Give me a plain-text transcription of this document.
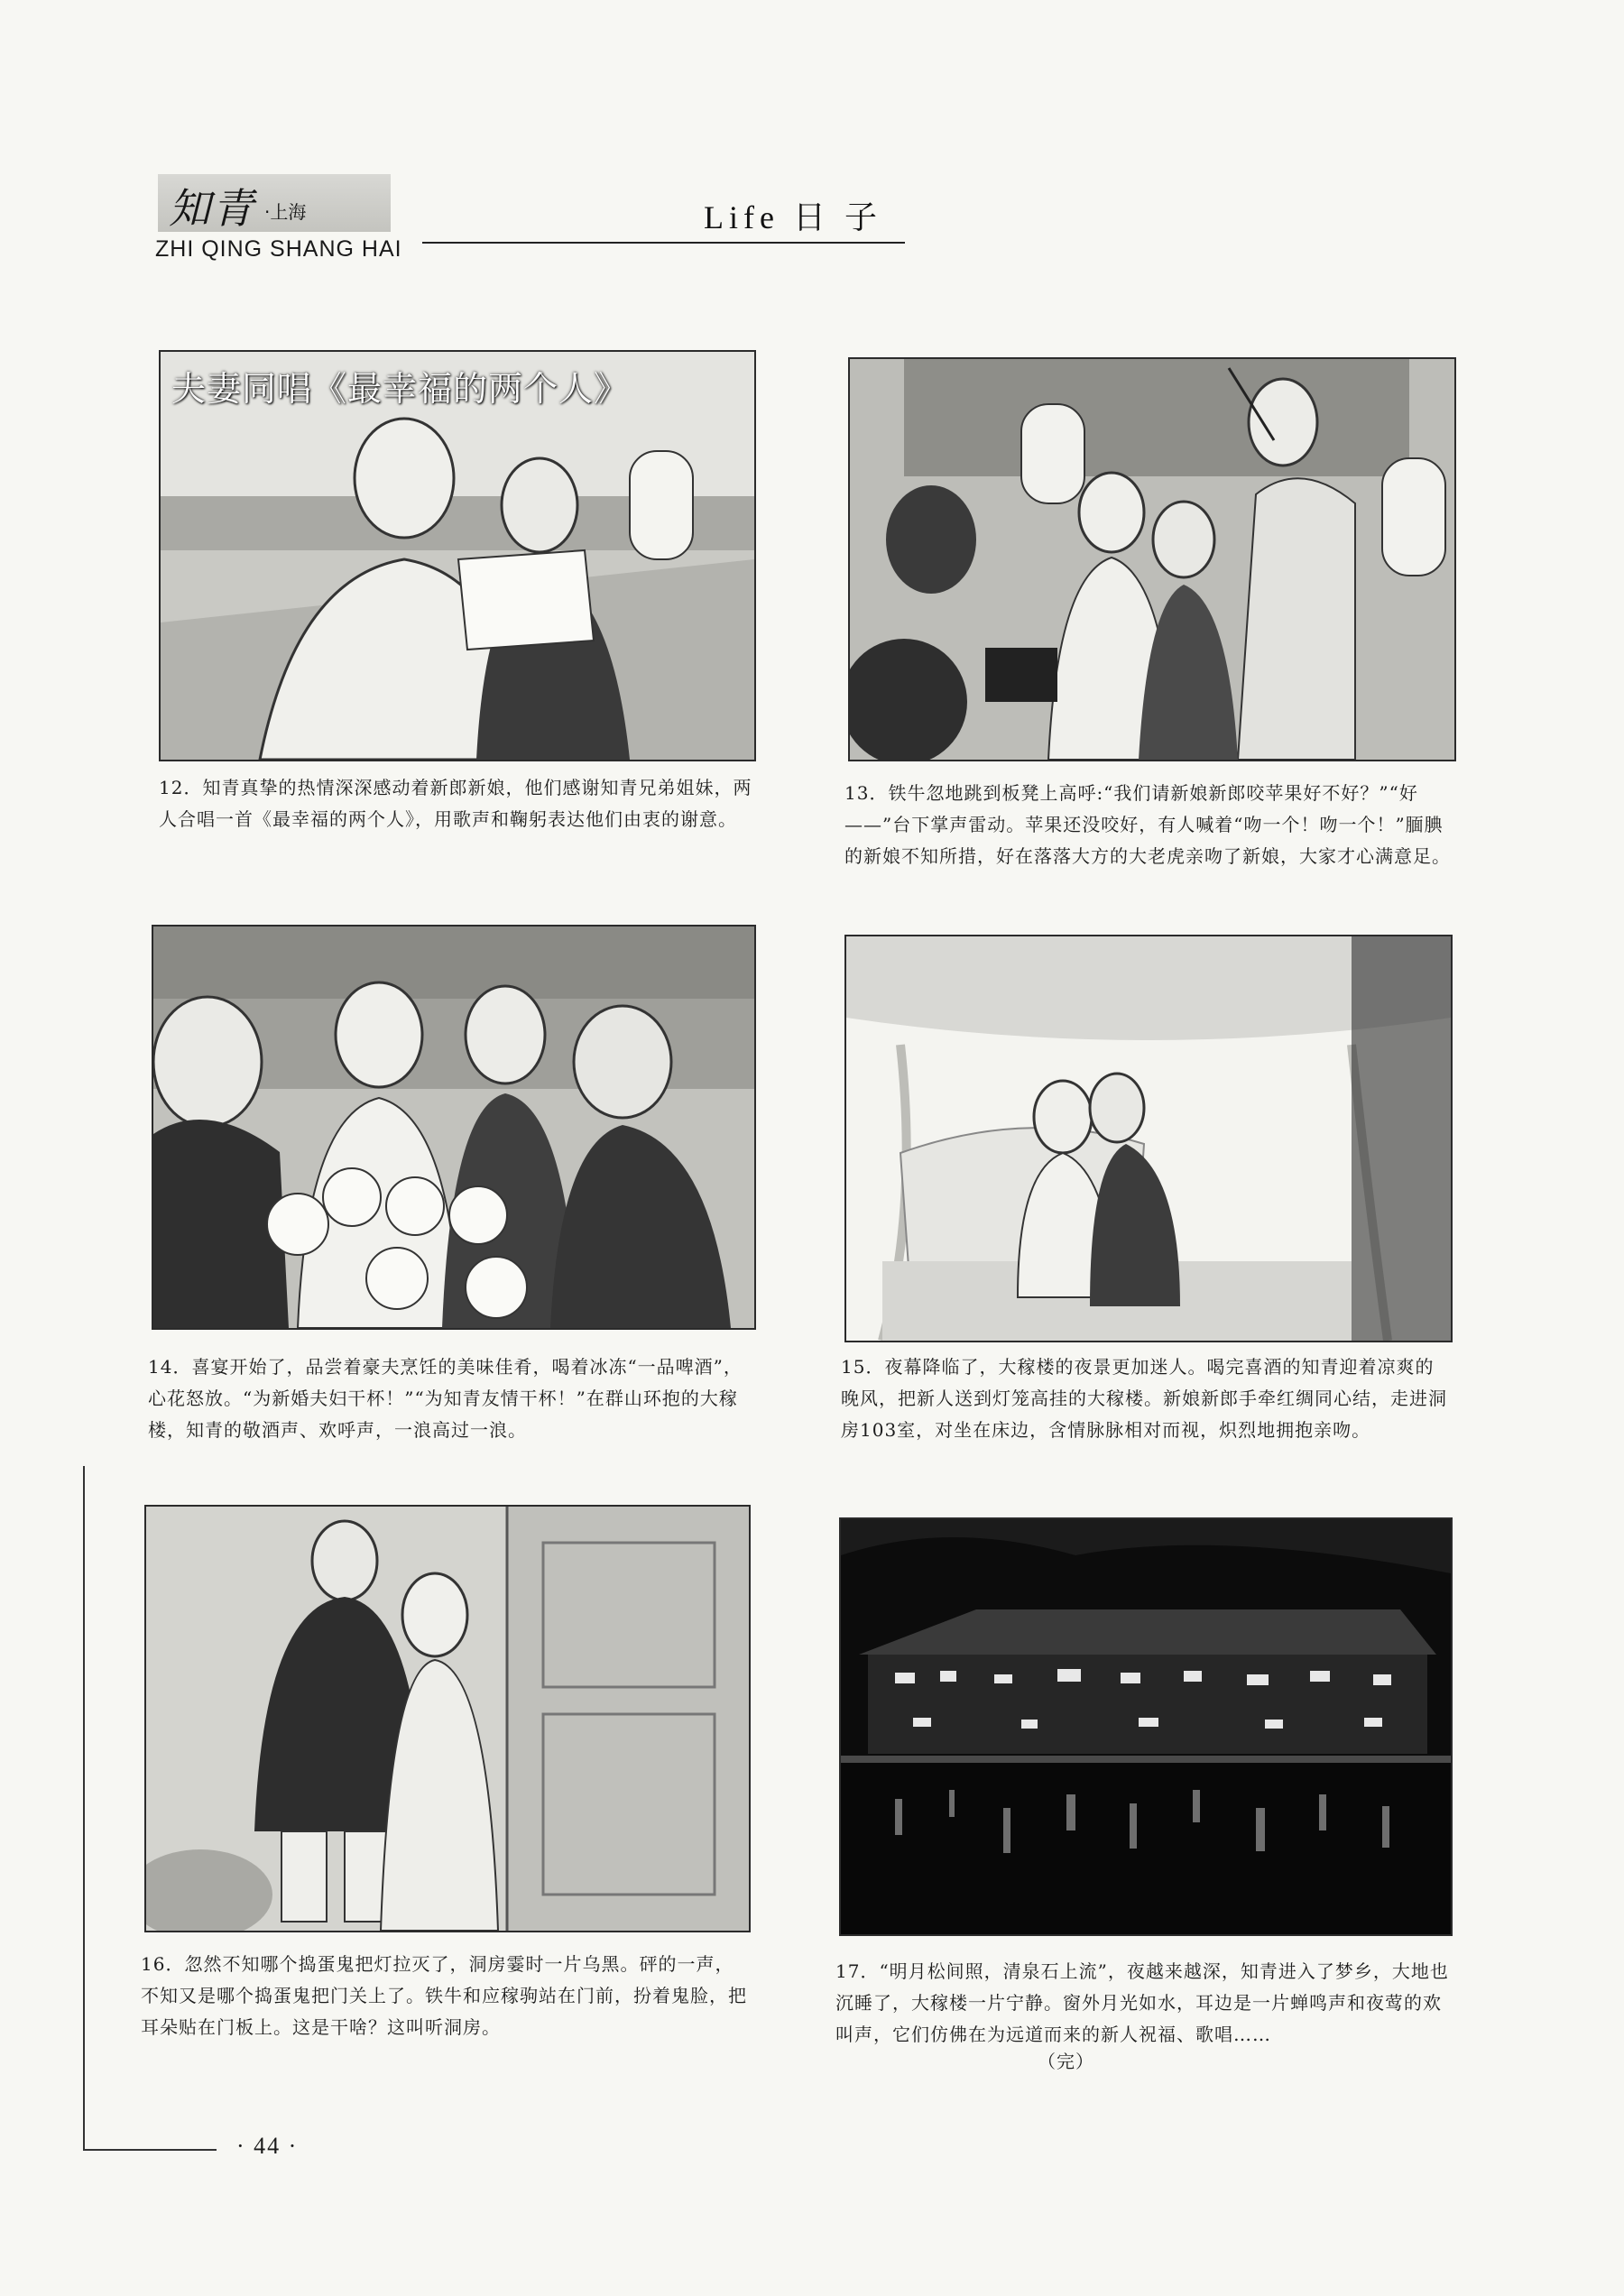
知青 ·上海
ZHI QING SHANG HAI
Life 日 子
夫妻同唱《最幸福的两个人》
12．知青真挚的热情深深感动着新郎新娘，他们感谢知青兄弟姐妹，两人合唱一首《最幸福的两个人》，用歌声和鞠躬表达他们由衷的谢意。
13．铁牛忽地跳到板凳上高呼:“我们请新娘新郎咬苹果好不好？”“好——”台下掌声雷动。苹果还没咬好，有人喊着“吻一个！吻一个！”腼腆的新娘不知所措，好在落落大方的大老虎亲吻了新娘，大家才心满意足。
14．喜宴开始了，品尝着豪夫烹饪的美味佳肴，喝着冰冻“一品啤酒”，心花怒放。“为新婚夫妇干杯！”“为知青友情干杯！”在群山环抱的大稼楼，知青的敬酒声、欢呼声，一浪高过一浪。
15．夜幕降临了，大稼楼的夜景更加迷人。喝完喜酒的知青迎着凉爽的晚风，把新人送到灯笼高挂的大稼楼。新娘新郎手牵红绸同心结，走进洞房103室，对坐在床边，含情脉脉相对而视，炽烈地拥抱亲吻。
16．忽然不知哪个捣蛋鬼把灯拉灭了，洞房霎时一片乌黑。砰的一声，不知又是哪个捣蛋鬼把门关上了。铁牛和应稼驹站在门前，扮着鬼脸，把耳朵贴在门板上。这是干啥？这叫听洞房。
17．“明月松间照，清泉石上流”，夜越来越深，知青进入了梦乡，大地也沉睡了，大稼楼一片宁静。窗外月光如水，耳边是一片蝉鸣声和夜莺的欢叫声，它们仿佛在为远道而来的新人祝福、歌唱……
（完）
· 44 ·
